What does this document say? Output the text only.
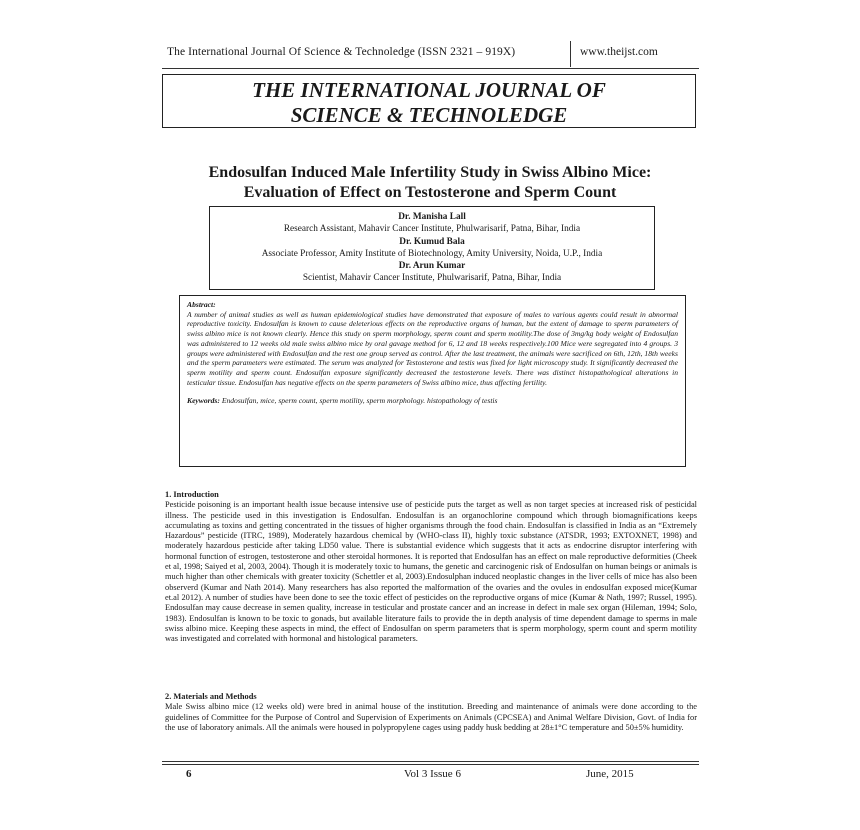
The International Journal Of Science & Technoledge (ISSN 2321 – 919X)	www.theijst.com
THE INTERNATIONAL JOURNAL OF
SCIENCE & TECHNOLEDGE
Endosulfan Induced Male Infertility Study in Swiss Albino Mice:
Evaluation of Effect on Testosterone and Sperm Count
Dr. Manisha Lall
Research Assistant, Mahavir Cancer Institute, Phulwarisarif, Patna, Bihar, India
Dr. Kumud Bala
Associate Professor, Amity Institute of Biotechnology, Amity University, Noida, U.P., India
Dr. Arun Kumar
Scientist, Mahavir Cancer Institute, Phulwarisarif, Patna, Bihar, India

Abstract:

A number of animal studies as well as human epidemiological studies have demonstrated that exposure of males to various agents could result in abnormal reproductive toxicity. Endosulfan is known to cause deleterious effects on the reproductive organs of human, but the extent of damage to sperm parameters of swiss albino mice is not known clearly. Hence this study on sperm morphology, sperm count and sperm motility.The dose of 3mg/kg body weight of Endosulfan was administered to 12 weeks old male swiss albino mice by oral gavage method for 6, 12 and 18 weeks respectively.100 Mice were segregated into 4 groups. 3 groups were administered with Endosulfan and the rest one group served as control. After the last treatment, the animals were sacrificed on 6th, 12th, 18th weeks and the sperm parameters were estimated. The serum was analyzed for Testosterone and testis was fixed for light microscopy study. It significantly decreased the sperm motility and sperm count. Endosulfan exposure significantly decreased the testosterone levels. There was distinct histopathological alterations in testicular tissue. Endosulfan has negative effects on the sperm parameters of Swiss albino mice, thus affecting fertility.

Keywords: Endosulfan, mice, sperm count, sperm motility, sperm morphology. histopathology of testis

1. Introduction

Pesticide poisoning is an important health issue because intensive use of pesticide puts the target as well as non target species at increased risk of pesticidal illness. The pesticide used in this investigation is Endosulfan. Endosulfan is an organochlorine compound which through biomagnifications keeps accumulating as toxins and getting concentrated in the tissues of higher organisms through the food chain. Endosulfan is classified in India as an “Extremely Hazardous” pesticide (ITRC, 1989), Moderately hazardous chemical by (WHO-class II), highly toxic substance (ATSDR, 1993; EXTOXNET, 1998) and moderately hazardous pesticide after taking LD50 value. There is substantial evidence which suggests that it acts as endocrine disruptor interfering with hormonal function of estrogen, testosterone and other steroidal hormones. It is reported that Endosulfan has an effect on male reproductive deformities (Cheek et al, 1998; Saiyed et al, 2003, 2004). Though it is moderately toxic to humans, the genetic and carcinogenic risk of Endosulfan on human beings or animals is much higher than other chemicals with greater toxicity (Schettler et al, 2003).Endosulphan induced neoplastic changes in the liver cells of mice has also been observerd (Kumar and Nath 2014). Many researchers has also reported the malformation of the ovaries and the ovules in endosulfan exposed mice(Kumar et.al 2012). A number of studies have been done to see the toxic effect of pesticides on the reproductive organs of mice (Kumar & Nath, 1997; Russel, 1995). Endosulfan may cause decrease in semen quality, increase in testicular and prostate cancer and an increase in defect in male sex organ (Hileman, 1994; Solo, 1983). Endosulfan is known to be toxic to gonads, but available literature fails to provide the in depth analysis of time dependent damage to sperms in male swiss albino mice. Keeping these aspects in mind, the effect of Endosulfan on sperm parameters that is sperm morphology, sperm count and sperm motility was investigated and correlated with hormonal and histological parameters.

2. Materials and Methods

Male Swiss albino mice (12 weeks old) were bred in animal house of the institution. Breeding and maintenance of animals were done according to the guidelines of Committee for the Purpose of Control and Supervision of Experiments on Animals (CPCSEA) and Animal Welfare Division, Govt. of India for the use of laboratory animals. All the animals were housed in polypropylene cages using paddy husk bedding at 28±1°C temperature and 50±5% humidity.

6	Vol 3 Issue 6	June, 2015
